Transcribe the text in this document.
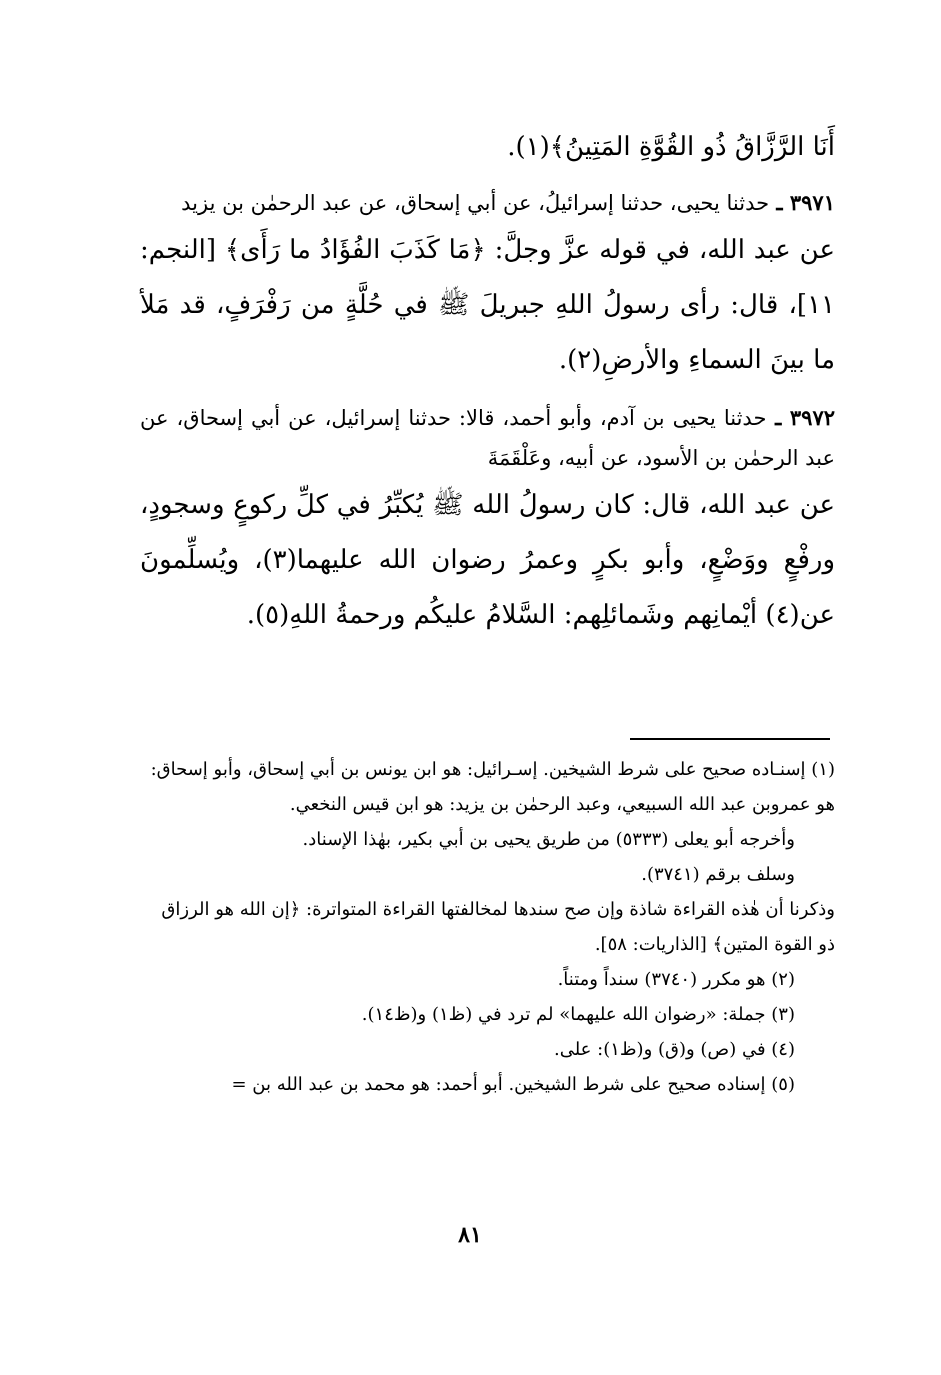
أَنَا الرَّزَّاقُ ذُو القُوَّةِ المَتِينُ﴾(١).

٣٩٧١ ـ حدثنا يحيى، حدثنا إسرائيلُ، عن أبي إسحاق، عن عبد الرحمٰن بن يزيد

عن عبد الله، في قوله عزَّ وجلَّ: ﴿مَا كَذَبَ الفُؤَادُ ما رَأَى﴾ [النجم: ١١]، قال: رأى رسولُ اللهِ جبريلَ ﷺ في حُلَّةٍ من رَفْرَفٍ، قد مَلأ ما بينَ السماءِ والأرضِ(٢).

٣٩٧٢ ـ حدثنا يحيى بن آدم، وأبو أحمد، قالا: حدثنا إسرائيل، عن أبي إسحاق، عن عبد الرحمٰن بن الأسود، عن أبيه، وعَلْقَمَةَ

عن عبد الله، قال: كان رسولُ الله ﷺ يُكبِّرُ في كلِّ ركوعٍ وسجودٍ، ورفْعٍ ووَضْعٍ، وأبو بكرٍ وعمرُ رضوان الله عليهما(٣)، ويُسلِّمونَ عن(٤) أيْمانِهم وشَمائلِهم: السَّلامُ عليكُم ورحمةُ اللهِ(٥).

(١) إسنـاده صحيح على شرط الشيخين. إسـرائيل: هو ابن يونس بن أبي إسحاق، وأبو إسحاق: هو عمروبن عبد الله السبيعي، وعبد الرحمٰن بن يزيد: هو ابن قيس النخعي.

وأخرجه أبو يعلى (٥٣٣٣) من طريق يحيى بن أبي بكير، بهٰذا الإسناد.

وسلف برقم (٣٧٤١).

وذكرنا أن هٰذه القراءة شاذة وإن صح سندها لمخالفتها القراءة المتواترة: ﴿إن الله هو الرزاق ذو القوة المتين﴾ [الذاريات: ٥٨].

(٢) هو مكرر (٣٧٤٠) سنداً ومتناً.

(٣) جملة: «رضوان الله عليهما» لم ترد في (ظ١) و(ظ١٤).

(٤) في (ص) و(ق) و(ظ١): على.

(٥) إسناده صحيح على شرط الشيخين. أبو أحمد: هو محمد بن عبد الله بن =

٨١
